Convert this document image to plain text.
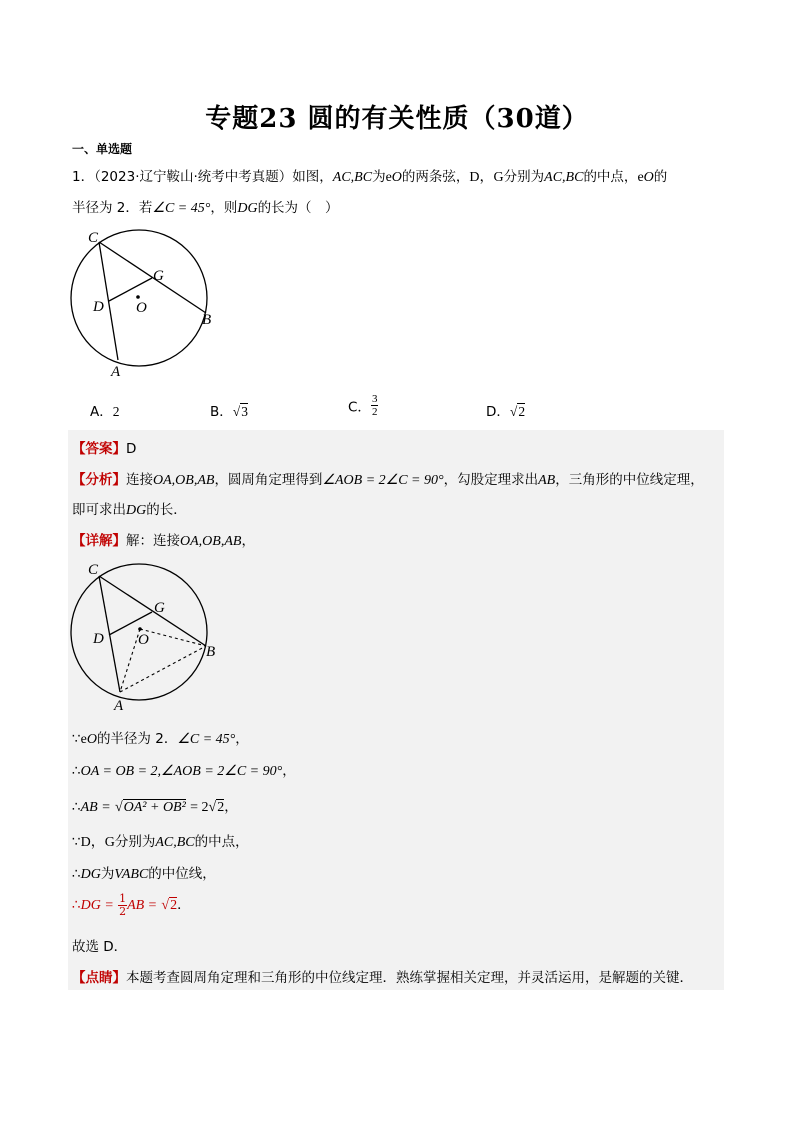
专题23 圆的有关性质（30道）
一、单选题
1．（2023·辽宁鞍山·统考中考真题）如图，AC,BC为eO的两条弦，D，G分别为AC,BC的中点，eO的
半径为 2．若∠C = 45°，则DG的长为（　）
C
G
D O
B
A
A．2	B．√3	C． $\frac{3}{2}$	D．√2
【答案】D
【分析】连接OA,OB,AB，圆周角定理得到∠AOB = 2∠C = 90°，勾股定理求出AB，三角形的中位线定理，
即可求出DG的长．
【详解】解：连接OA,OB,AB，
C
G
D O
B
A
∵eO的半径为 2．∠C = 45°，
∴OA = OB = 2,∠AOB = 2∠C = 90°，
∴AB = √OA² + OB² = 2√2，
∵D，G分别为AC,BC的中点，
∴DG为VABC的中位线，
∴DG = $\frac{1}{2}$ AB = √2．
故选 D．
【点睛】本题考查圆周角定理和三角形的中位线定理．熟练掌握相关定理，并灵活运用，是解题的关键．
